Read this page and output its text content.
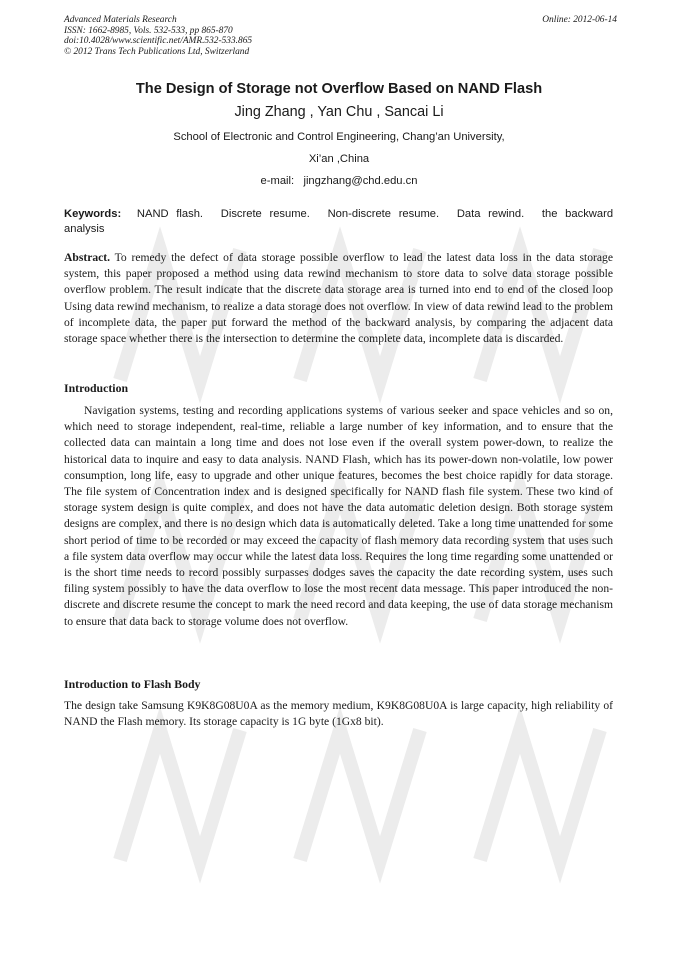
Advanced Materials Research
ISSN: 1662-8985, Vols. 532-533, pp 865-870
doi:10.4028/www.scientific.net/AMR.532-533.865
© 2012 Trans Tech Publications Ltd, Switzerland
Online: 2012-06-14
The Design of Storage not Overflow Based on NAND Flash
Jing Zhang , Yan Chu , Sancai Li
School of Electronic and Control Engineering, Chang’an University,
Xi’an ,China
e-mail: jingzhang@chd.edu.cn
Keywords: NAND flash. Discrete resume. Non-discrete resume. Data rewind. the backward analysis
Abstract. To remedy the defect of data storage possible overflow to lead the latest data loss in the data storage system, this paper proposed a method using data rewind mechanism to store data to solve data storage possible overflow problem. The result indicate that the discrete data storage area is turned into end to end of the closed loop Using data rewind mechanism, to realize a data storage does not overflow. In view of data rewind lead to the problem of incomplete data, the paper put forward the method of the backward analysis, by comparing the adjacent data storage space whether there is the intersection to determine the complete data, incomplete data is discarded.
Introduction
Navigation systems, testing and recording applications systems of various seeker and space vehicles and so on, which need to storage independent, real-time, reliable a large number of key information, and to ensure that the collected data can maintain a long time and does not lose even if the overall system power-down, to realize the historical data to inquire and easy to data analysis. NAND Flash, which has its power-down non-volatile, low power consumption, long life, easy to upgrade and other unique features, becomes the best choice rapidly for data storage. The file system of Concentration index and is designed specifically for NAND flash file system. These two kind of storage system design is quite complex, and does not have the data automatic deletion design. Both storage system designs are complex, and there is no design which data is automatically deleted. Take a long time unattended for some short period of time to be recorded or may exceed the capacity of flash memory data recording system that uses such a file system data overflow may occur while the latest data loss. Requires the long time regarding some unattended or is the short time needs to record possibly surpasses dodges saves the capacity the date recording system, uses such filing system possibly to have the data overflow to lose the most recent data message. This paper introduced the non-discrete and discrete resume the concept to mark the need record and data keeping, the use of data storage mechanism to ensure that data back to storage volume does not overflow.
Introduction to Flash Body
The design take Samsung K9K8G08U0A as the memory medium, K9K8G08U0A is large capacity, high reliability of NAND the Flash memory. Its storage capacity is 1G byte (1Gx8 bit).
